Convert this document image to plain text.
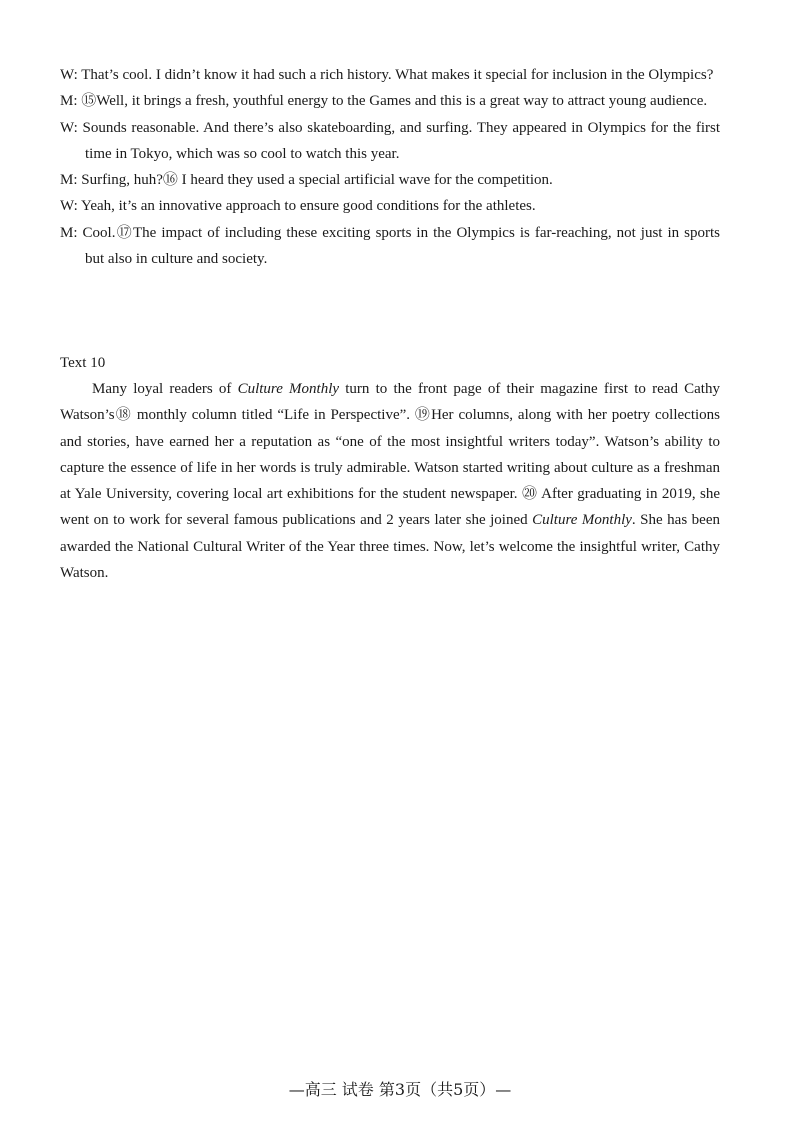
W: That’s cool. I didn’t know it had such a rich history. What makes it special for inclusion in the Olympics?

M: ⑮Well, it brings a fresh, youthful energy to the Games and this is a great way to attract young audience.

W: Sounds reasonable. And there’s also skateboarding, and surfing. They appeared in Olympics for the first time in Tokyo, which was so cool to watch this year.

M: Surfing, huh?⑯ I heard they used a special artificial wave for the competition.

W: Yeah, it’s an innovative approach to ensure good conditions for the athletes.

M: Cool.⑰The impact of including these exciting sports in the Olympics is far-reaching, not just in sports but also in culture and society.

Text 10

Many loyal readers of Culture Monthly turn to the front page of their magazine first to read Cathy Watson’s⑱ monthly column titled “Life in Perspective”. ⑲Her columns, along with her poetry collections and stories, have earned her a reputation as “one of the most insightful writers today”. Watson’s ability to capture the essence of life in her words is truly admirable. Watson started writing about culture as a freshman at Yale University, covering local art exhibitions for the student newspaper. ⑳ After graduating in 2019, she went on to work for several famous publications and 2 years later she joined Culture Monthly. She has been awarded the National Cultural Writer of the Year three times. Now, let’s welcome the insightful writer, Cathy Watson.

—高三 试卷 第3页（共5页）—
